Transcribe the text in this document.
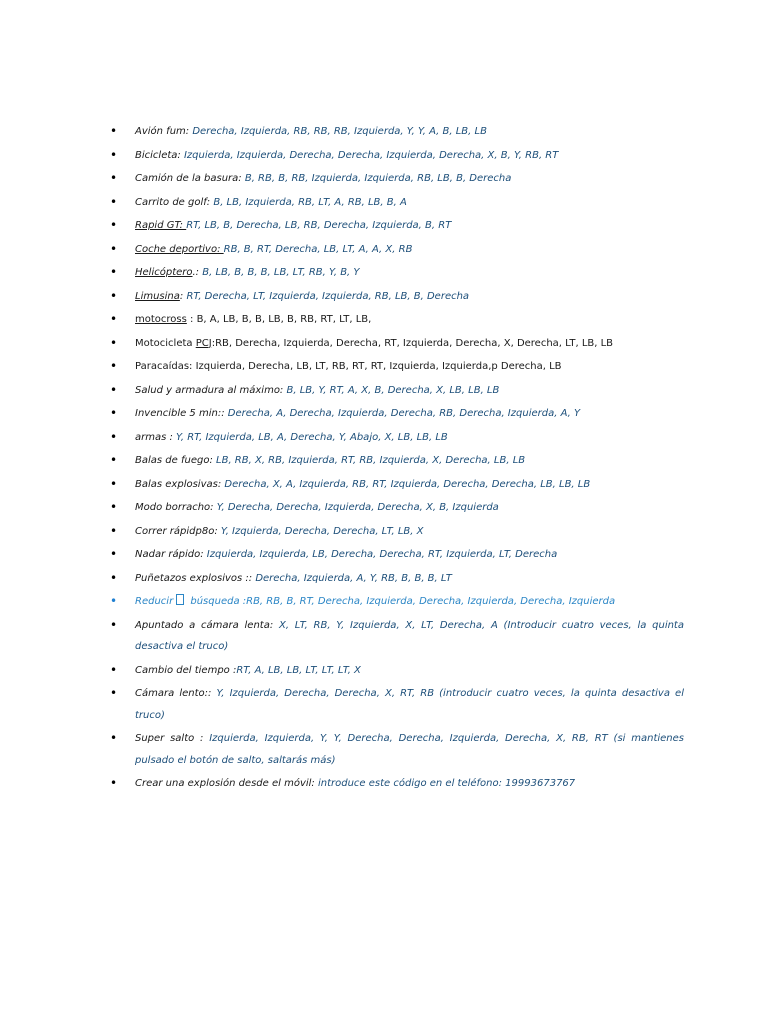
• Avión fum: Derecha, Izquierda, RB, RB, RB, Izquierda, Y, Y, A, B, LB, LB
• Bicicleta: Izquierda, Izquierda, Derecha, Derecha, Izquierda, Derecha, X, B, Y, RB, RT
• Camión de la basura: B, RB, B, RB, Izquierda, Izquierda, RB, LB, B, Derecha
• Carrito de golf: B, LB, Izquierda, RB, LT, A, RB, LB, B, A
• Rapid GT: RT, LB, B, Derecha, LB, RB, Derecha, Izquierda, B, RT
• Coche deportivo: RB, B, RT, Derecha, LB, LT, A, A, X, RB
• Helicóptero.: B, LB, B, B, B, LB, LT, RB, Y, B, Y
• Limusina: RT, Derecha, LT, Izquierda, Izquierda, RB, LB, B, Derecha
• motocross : B, A, LB, B, B, LB, B, RB, RT, LT, LB,
• Motocicleta PCJ:RB, Derecha, Izquierda, Derecha, RT, Izquierda, Derecha, X, Derecha, LT, LB, LB
• Paracaídas: Izquierda, Derecha, LB, LT, RB, RT, RT, Izquierda, Izquierda,p Derecha, LB
• Salud y armadura al máximo: B, LB, Y, RT, A, X, B, Derecha, X, LB, LB, LB
• Invencible 5 min:: Derecha, A, Derecha, Izquierda, Derecha, RB, Derecha, Izquierda, A, Y
• armas : Y, RT, Izquierda, LB, A, Derecha, Y, Abajo, X, LB, LB, LB
• Balas de fuego: LB, RB, X, RB, Izquierda, RT, RB, Izquierda, X, Derecha, LB, LB
• Balas explosivas: Derecha, X, A, Izquierda, RB, RT, Izquierda, Derecha, Derecha, LB, LB, LB
• Modo borracho: Y, Derecha, Derecha, Izquierda, Derecha, X, B, Izquierda
• Correr rápidp8o: Y, Izquierda, Derecha, Derecha, LT, LB, X
• Nadar rápido: Izquierda, Izquierda, LB, Derecha, Derecha, RT, Izquierda, LT, Derecha
• Puñetazos explosivos :: Derecha, Izquierda, A, Y, RB, B, B, B, LT
• Reducir búsqueda :RB, RB, B, RT, Derecha, Izquierda, Derecha, Izquierda, Derecha, Izquierda
• Apuntado a cámara lenta: X, LT, RB, Y, Izquierda, X, LT, Derecha, A (Introducir cuatro veces, la quinta desactiva el truco)
• Cambio del tiempo :RT, A, LB, LB, LT, LT, LT, X
• Cámara lento:: Y, Izquierda, Derecha, Derecha, X, RT, RB (introducir cuatro veces, la quinta desactiva el truco)
• Super salto : Izquierda, Izquierda, Y, Y, Derecha, Derecha, Izquierda, Derecha, X, RB, RT (si mantienes pulsado el botón de salto, saltarás más)
• Crear una explosión desde el móvil: introduce este código en el teléfono: 19993673767
